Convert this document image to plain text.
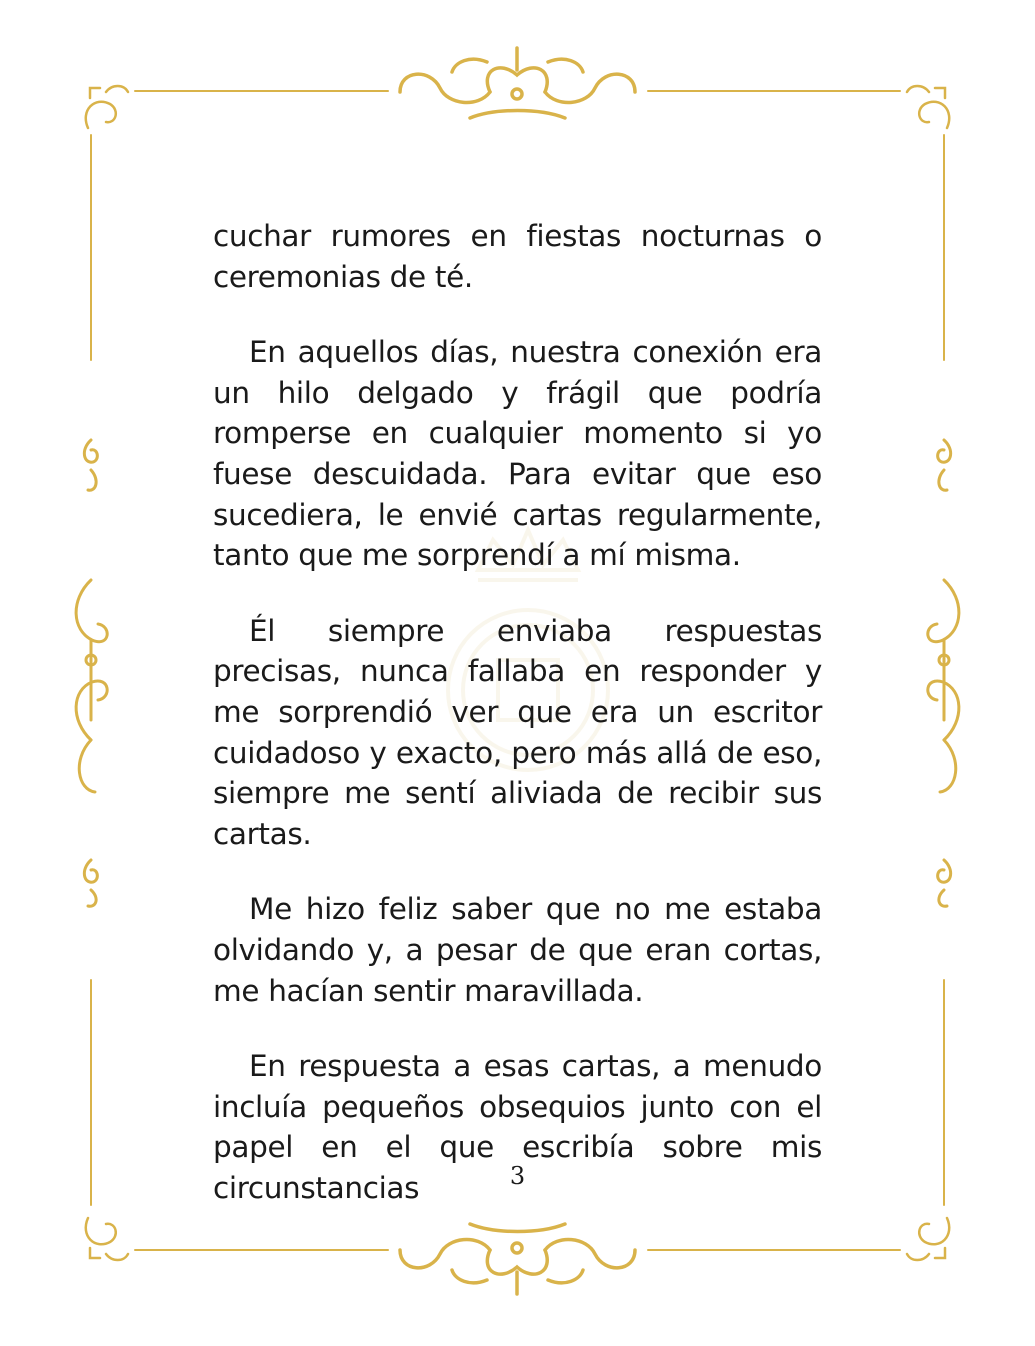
cuchar rumores en fiestas nocturnas o ceremonias de té.

En aquellos días, nuestra conexión era un hilo delgado y frágil que podría romperse en cualquier momento si yo fuese descuidada. Para evitar que eso sucediera, le envié cartas regularmente, tanto que me sorprendí a mí misma.

Él siempre enviaba respuestas precisas, nunca fallaba en responder y me sorprendió ver que era un escritor cuidadoso y exacto, pero más allá de eso, siempre me sentí aliviada de recibir sus cartas.

Me hizo feliz saber que no me estaba olvidando y, a pesar de que eran cortas, me hacían sentir maravillada.

En respuesta a esas cartas, a menudo incluía pequeños obsequios junto con el papel en el que escribía sobre mis circunstancias	3
